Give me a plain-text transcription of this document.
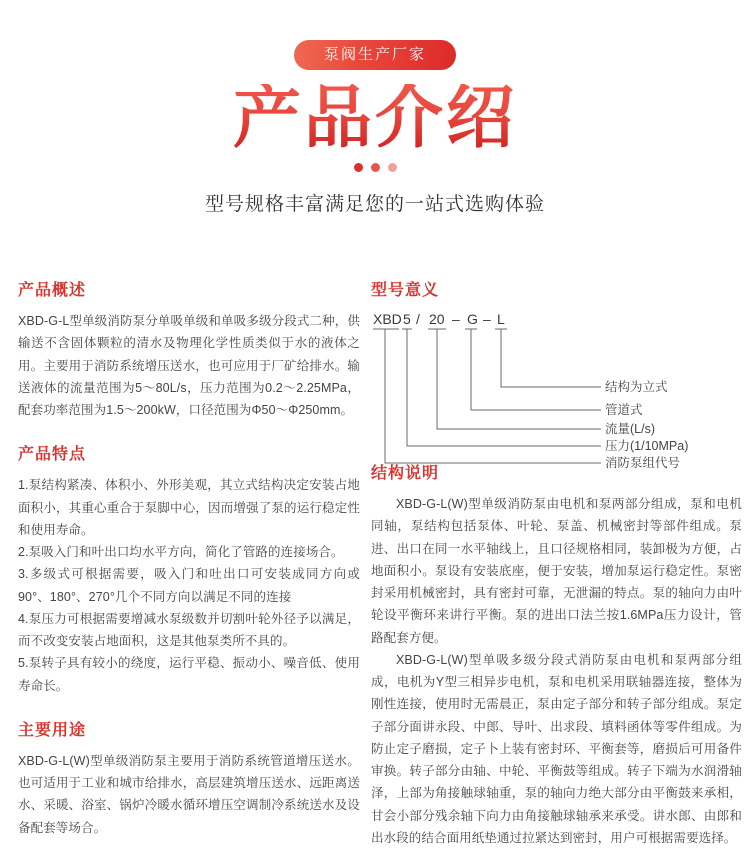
泵阀生产厂家
产品介绍
型号规格丰富满足您的一站式选购体验
产品概述

XBD-G-L型单级消防泵分单吸单级和单吸多级分段式二种，供输送不含固体颗粒的清水及物理化学性质类似于水的液体之用。主要用于消防系统增压送水，也可应用于厂矿给排水。输送液体的流量范围为5～80L/s，压力范围为0.2～2.25MPa，配套功率范围为1.5～200kW，口径范围为Φ50～Φ250mm。

产品特点

1.泵结构紧凑、体积小、外形美观，其立式结构决定安装占地面积小，其重心重合于泵脚中心，因而增强了泵的运行稳定性和使用寿命。

2.泵吸入门和叶出口均水平方向，简化了管路的连接场合。

3.多级式可根据需要，吸入门和吐出口可安装成同方向或90°、180°、270°几个不同方向以满足不同的连接

4.泵压力可根据需要增减水泵级数并切割叶轮外径予以满足，而不改变安装占地面积，这是其他泵类所不具的。

5.泵转子具有较小的绕度，运行平稳、振动小、噪音低、使用寿命长。

主要用途

XBD-G-L(W)型单级消防泵主要用于消防系统管道增压送水。也可适用于工业和城市给排水，高层建筑增压送水、远距离送水、采暖、浴室、锅炉冷暖水循环增压空调制冷系统送水及设备配套等场合。

型号意义
XBD 5 / 20 – G – L
结构为立式
管道式
流量(L/s)
压力(1/10MPa)
消防泵组代号
结构说明

XBD-G-L(W)型单级消防泵由电机和泵两部分组成，泵和电机同轴，泵结构包括泵体、叶轮、泵盖、机械密封等部件组成。泵进、出口在同一水平轴线上，且口径规格相同，装卸极为方便，占地面积小。泵设有安装底座，便于安装，增加泵运行稳定性。泵密封采用机械密封，具有密封可靠，无泄漏的特点。泵的轴向力由叶轮设平衡环来讲行平衡。泵的进出口法兰按1.6MPa压力设计，管路配套方便。

XBD-G-L(W)型单吸多级分段式消防泵由电机和泵两部分组成，电机为Y型三相异步电机，泵和电机采用联轴器连接，整体为刚性连接，使用时无需晨正，泵由定子部分和转子部分组成。泵定子部分面讲永段、中郎、导叶、出求段、填料函体等零件组成。为防止定子磨损，定子卜上装有密封环、平衡套等，磨损后可用备件审换。转子部分由轴、中轮、平衡鼓等组成。转子下端为水润滑轴泽，上部为角接触球轴重，泵的轴向力绝大部分由平衡鼓来承相，甘会小部分残余轴下向力由角接触球轴承来承受。讲水郎、由郎和出水段的结合面用纸垫通过拉紧达到密封，用户可根据需要选择。
